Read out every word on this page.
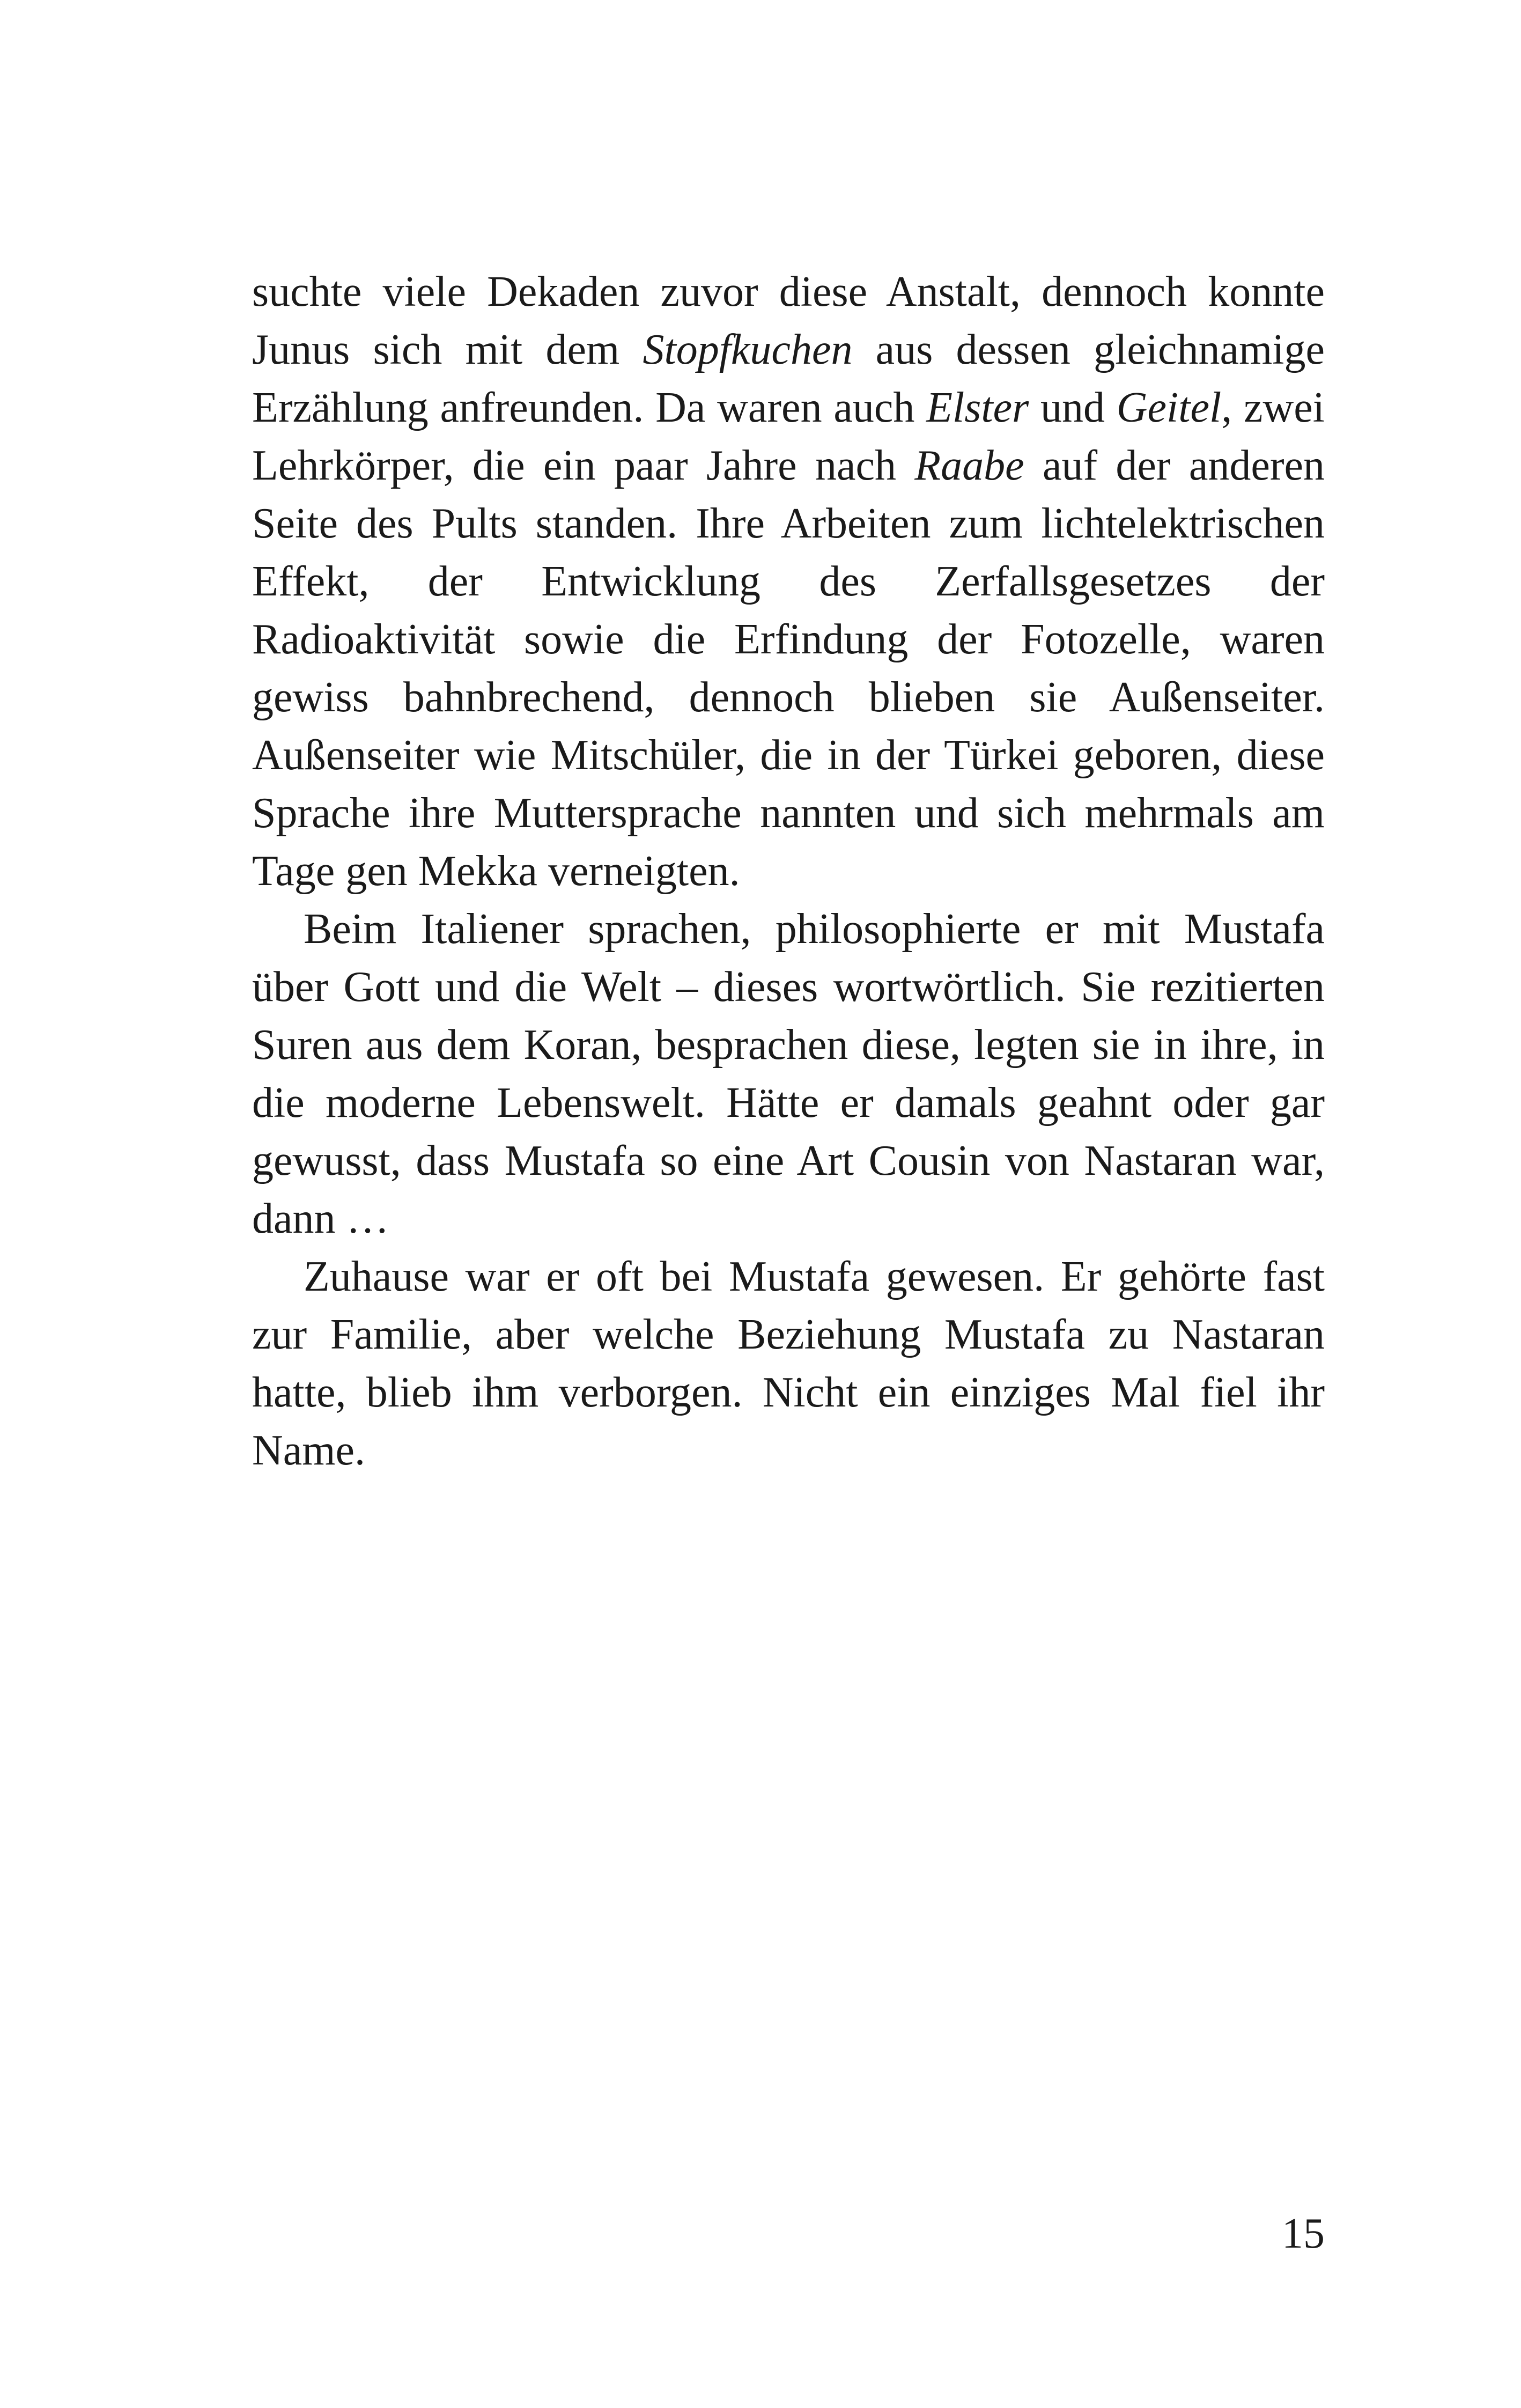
suchte viele Dekaden zuvor diese Anstalt, dennoch konnte Junus sich mit dem Stopfkuchen aus dessen gleichnamige Erzählung anfreunden. Da waren auch Elster und Geitel, zwei Lehrkörper, die ein paar Jahre nach Raabe auf der anderen Seite des Pults standen. Ihre Arbeiten zum lichtelektrischen Effekt, der Entwicklung des Zerfallsgesetzes der Radioaktivität sowie die Erfindung der Fotozelle, waren gewiss bahnbrechend, dennoch blieben sie Außenseiter. Außenseiter wie Mitschüler, die in der Türkei geboren, diese Sprache ihre Muttersprache nannten und sich mehrmals am Tage gen Mekka verneigten.

Beim Italiener sprachen, philosophierte er mit Mustafa über Gott und die Welt – dieses wortwörtlich. Sie rezitierten Suren aus dem Koran, besprachen diese, legten sie in ihre, in die moderne Lebenswelt. Hätte er damals geahnt oder gar gewusst, dass Mustafa so eine Art Cousin von Nastaran war, dann …

Zuhause war er oft bei Mustafa gewesen. Er gehörte fast zur Familie, aber welche Beziehung Mustafa zu Nastaran hatte, blieb ihm verborgen. Nicht ein einziges Mal fiel ihr Name.

15
